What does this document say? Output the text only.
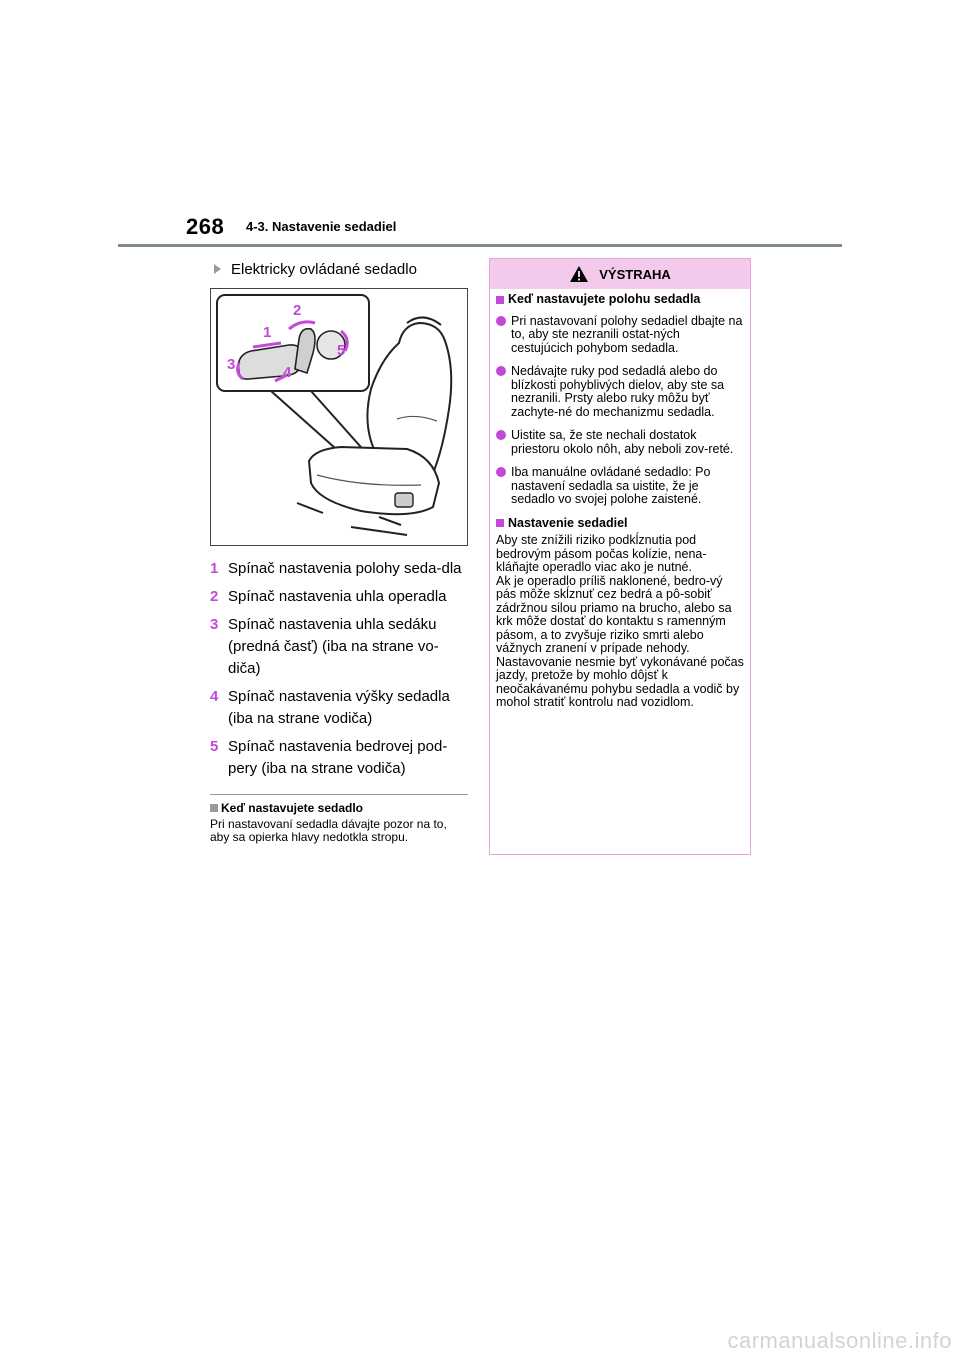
268 4-3. Nastavenie sedadiel
Elektricky ovládané sedadlo
1
2
3	4
5
1 Spínač nastavenia polohy seda-dla
2 Spínač nastavenia uhla operadla
3 Spínač nastavenia uhla sedáku (predná časť) (iba na strane vo-diča)
4 Spínač nastavenia výšky sedadla (iba na strane vodiča)
5 Spínač nastavenia bedrovej pod-pery (iba na strane vodiča)
Keď nastavujete sedadlo
Pri nastavovaní sedadla dávajte pozor na to, aby sa opierka hlavy nedotkla stropu.
VÝSTRAHA
Keď nastavujete polohu sedadla
Pri nastavovaní polohy sedadiel dbajte na to, aby ste nezranili ostat-ných cestujúcich pohybom sedadla.
Nedávajte ruky pod sedadlá alebo do blízkosti pohyblivých dielov, aby ste sa nezranili. Prsty alebo ruky môžu byť zachyte-né do mechanizmu sedadla.
Uistite sa, že ste nechali dostatok priestoru okolo nôh, aby neboli zov-reté.
Iba manuálne ovládané sedadlo: Po nastavení sedadla sa uistite, že je sedadlo vo svojej polohe zaistené.
Nastavenie sedadiel
Aby ste znížili riziko podkĺznutia pod bedrovým pásom počas kolízie, nena-kláňajte operadlo viac ako je nutné.
Ak je operadlo príliš naklonené, bedro-vý pás môže skĺznuť cez bedrá a pô-sobiť zádržnou silou priamo na brucho, alebo sa krk môže dostať do kontaktu s ramenným pásom, a to zvyšuje riziko smrti alebo vážnych zranení v prípade nehody.
Nastavovanie nesmie byť vykonávané počas jazdy, pretože by mohlo dôjsť k neočakávanému pohybu sedadla a vodič by mohol stratiť kontrolu nad vozidlom.
carmanualsonline.info
